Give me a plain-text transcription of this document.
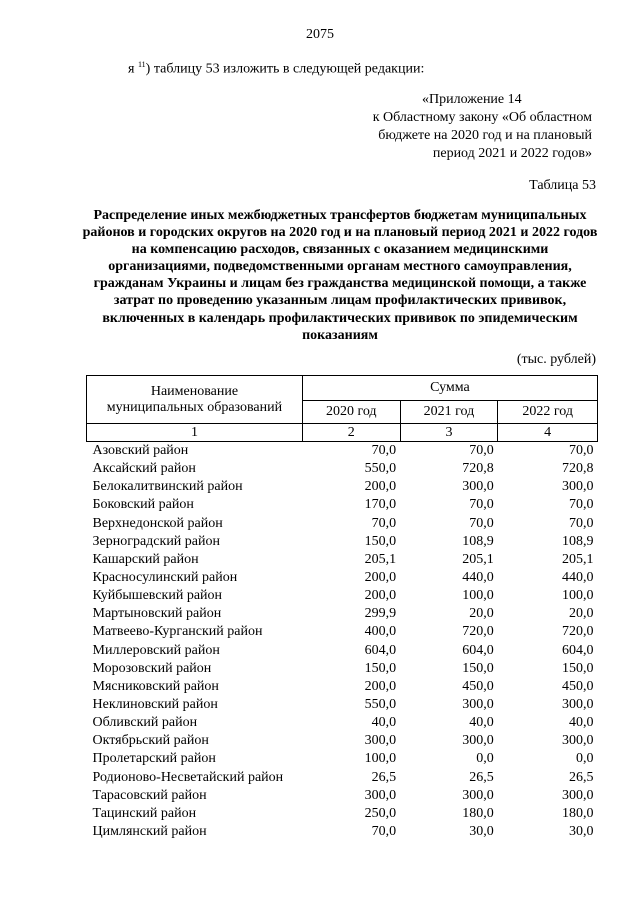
2075
я $^{11}$) таблицу 53 изложить в следующей редакции:
«Приложение 14
к Областному закону «Об областном
бюджете на 2020 год и на плановый
период 2021 и 2022 годов»
Таблица 53
Распределение иных межбюджетных трансфертов бюджетам муниципальных районов и городских округов на 2020 год и на плановый период 2021 и 2022 годов на компенсацию расходов, связанных с оказанием медицинскими организациями, подведомственными органам местного самоуправления, гражданам Украины и лицам без гражданства медицинской помощи, а также затрат по проведению указанным лицам профилактических прививок, включенных в календарь профилактических прививок по эпидемическим показаниям
(тыс. рублей)
Наименование
муниципальных образований	Сумма		
	2020 год	2021 год	2022 год
1	2	3	4
Азовский район	70,0	70,0	70,0
Аксайский район	550,0	720,8	720,8
Белокалитвинский район	200,0	300,0	300,0
Боковский район	170,0	70,0	70,0
Верхнедонской район	70,0	70,0	70,0
Зерноградский район	150,0	108,9	108,9
Кашарский район	205,1	205,1	205,1
Красносулинский район	200,0	440,0	440,0
Куйбышевский район	200,0	100,0	100,0
Мартыновский район	299,9	20,0	20,0
Матвеево-Курганский район	400,0	720,0	720,0
Миллеровский район	604,0	604,0	604,0
Морозовский район	150,0	150,0	150,0
Мясниковский район	200,0	450,0	450,0
Неклиновский район	550,0	300,0	300,0
Обливский район	40,0	40,0	40,0
Октябрьский район	300,0	300,0	300,0
Пролетарский район	100,0	0,0	0,0
Родионово-Несветайский район	26,5	26,5	26,5
Тарасовский район	300,0	300,0	300,0
Тацинский район	250,0	180,0	180,0
Цимлянский район	70,0	30,0	30,0
